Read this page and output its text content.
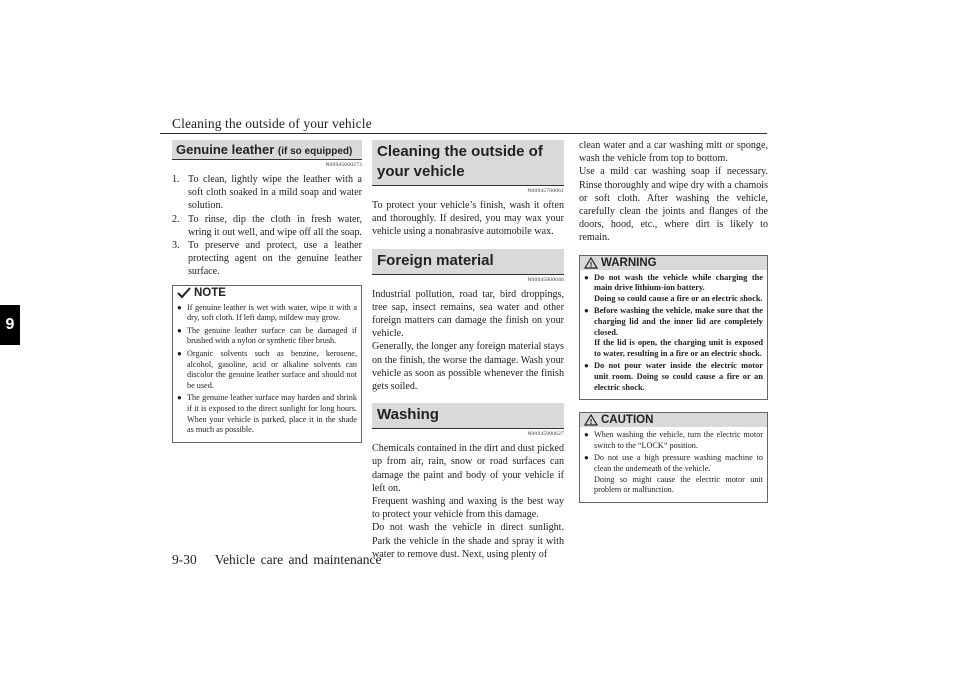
Cleaning the outside of your vehicle
9
Genuine leather (if so equipped)
N00945600273
1. To clean, lightly wipe the leather with a soft cloth soaked in a mild soap and water solution.
2. To rinse, dip the cloth in fresh water, wring it out well, and wipe off all the soap.
3. To preserve and protect, use a leather protecting agent on the genuine leather surface.
NOTE
● If genuine leather is wet with water, wipe it with a dry, soft cloth. If left damp, mildew may grow.
● The genuine leather surface can be damaged if brushed with a nylon or synthetic fiber brush.
● Organic solvents such as benzine, kerosene, alcohol, gasoline, acid or alkaline solvents can discolor the genuine leather surface and should not be used.
● The genuine leather surface may harden and shrink if it is exposed to the direct sunlight for long hours. When your vehicle is parked, place it in the shade as much as possible.
Cleaning the outside of your vehicle
N00945700061

To protect your vehicle’s finish, wash it often and thoroughly. If desired, you may wax your vehicle using a nonabrasive automobile wax.

Foreign material
N00945800046

Industrial pollution, road tar, bird droppings, tree sap, insect remains, sea water and other foreign matters can damage the finish on your vehicle.

Generally, the longer any foreign material stays on the finish, the worse the damage. Wash your vehicle as soon as possible whenever the finish gets soiled.

Washing
N00945900627

Chemicals contained in the dirt and dust picked up from air, rain, snow or road surfaces can damage the paint and body of your vehicle if left on.

Frequent washing and waxing is the best way to protect your vehicle from this damage.

Do not wash the vehicle in direct sunlight. Park the vehicle in the shade and spray it with water to remove dust. Next, using plenty of

clean water and a car washing mitt or sponge, wash the vehicle from top to bottom.

Use a mild car washing soap if necessary. Rinse thoroughly and wipe dry with a chamois or soft cloth. After washing the vehicle, carefully clean the joints and flanges of the doors, hood, etc., where dirt is likely to remain.

! WARNING
● Do not wash the vehicle while charging the main drive lithium-ion battery.
Doing so could cause a fire or an electric shock.
● Before washing the vehicle, make sure that the charging lid and the inner lid are completely closed.
If the lid is open, the charging unit is exposed to water, resulting in a fire or an electric shock.
● Do not pour water inside the electric motor unit room. Doing so could cause a fire or an electric shock.
! CAUTION
● When washing the vehicle, turn the electric motor switch to the “LOCK” position.
● Do not use a high pressure washing machine to clean the underneath of the vehicle.
Doing so might cause the electric motor unit problem or malfunction.
9-30 Vehicle care and maintenance
